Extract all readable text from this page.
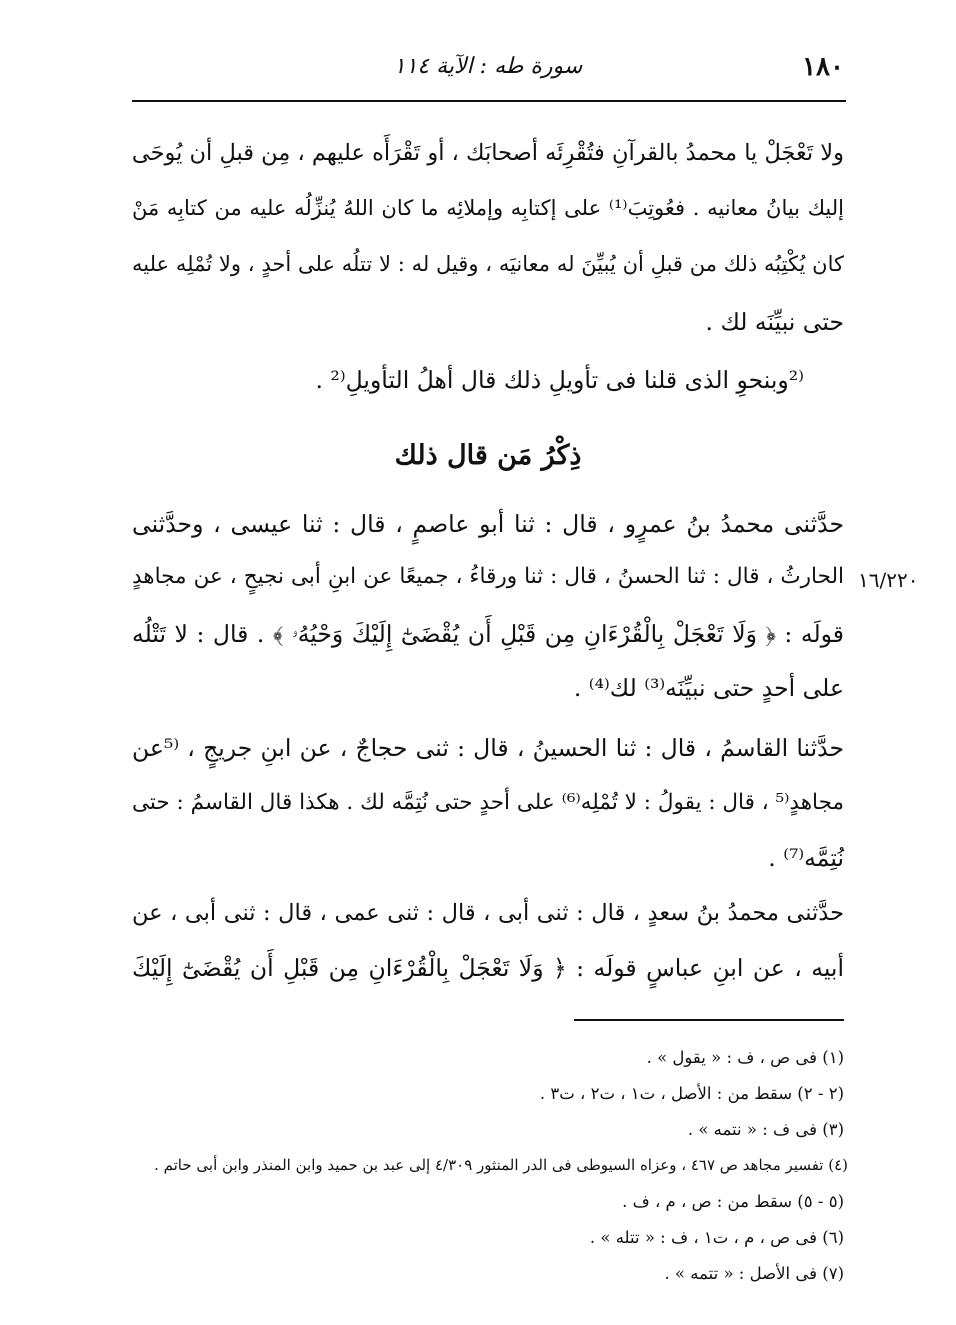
١٨٠
سورة طه : الآية ١١٤
ولا تَعْجَلْ يا محمدُ بالقرآنِ فتُقْرِئَه أصحابَك ، أو تَقْرَأَه عليهم ، مِن قبلِ أن يُوحَى
إليك بيانُ معانيه . فعُوتِبَ⁽¹⁾ على إكتابِه وإملائِه ما كان اللهُ يُنزِّلُه عليه من كتابِه مَنْ
كان يُكْتِبُه ذلك من قبلِ أن يُبيِّنَ له معانيَه ، وقيل له : لا تتلُه على أحدٍ ، ولا تُمْلِه عليه
حتى نبيِّنَه لك .
⁽²وبنحوِ الذى قلنا فى تأويلِ ذلك قال أهلُ التأويلِ⁽² .
ذِكْرُ مَن قال ذلك
حدَّثنى محمدُ بنُ عمرٍو ، قال : ثنا أبو عاصمٍ ، قال : ثنا عيسى ، وحدَّثنى
الحارثُ ، قال : ثنا الحسنُ ، قال : ثنا ورقاءُ ، جميعًا عن ابنِ أبى نجيحٍ ، عن مجاهدٍ
قولَه : ﴿ وَلَا تَعْجَلْ بِالْقُرْءَانِ مِن قَبْلِ أَن يُقْضَىٰٓ إِلَيْكَ وَحْيُهُۥ ﴾ . قال : لا تَتْلُه
على أحدٍ حتى نبيِّنَه⁽³⁾ لك⁽⁴⁾ .
١٦/٢٢٠
حدَّثنا القاسمُ ، قال : ثنا الحسينُ ، قال : ثنى حجاجٌ ، عن ابنِ جريجٍ ، ⁽⁵عن
مجاهدٍ⁽⁵ ، قال : يقولُ : لا تُمْلِه⁽⁶⁾ على أحدٍ حتى نُتِمَّه لك . هكذا قال القاسمُ : حتى
نُتِمَّه⁽⁷⁾ .
حدَّثنى محمدُ بنُ سعدٍ ، قال : ثنى أبى ، قال : ثنى عمى ، قال : ثنى أبى ، عن
أبيه ، عن ابنِ عباسٍ قولَه : ﴿ وَلَا تَعْجَلْ بِالْقُرْءَانِ مِن قَبْلِ أَن يُقْضَىٰٓ إِلَيْكَ
(١) فى ص ، ف : « يقول » .
(٢ - ٢) سقط من : الأصل ، ت١ ، ت٢ ، ت٣ .
(٣) فى ف : « نتمه » .
(٤) تفسير مجاهد ص ٤٦٧ ، وعزاه السيوطى فى الدر المنثور ٤/٣٠٩ إلى عبد بن حميد وابن المنذر وابن أبى حاتم .
(٥ - ٥) سقط من : ص ، م ، ف .
(٦) فى ص ، م ، ت١ ، ف : « تتله » .
(٧) فى الأصل : « تتمه » .
